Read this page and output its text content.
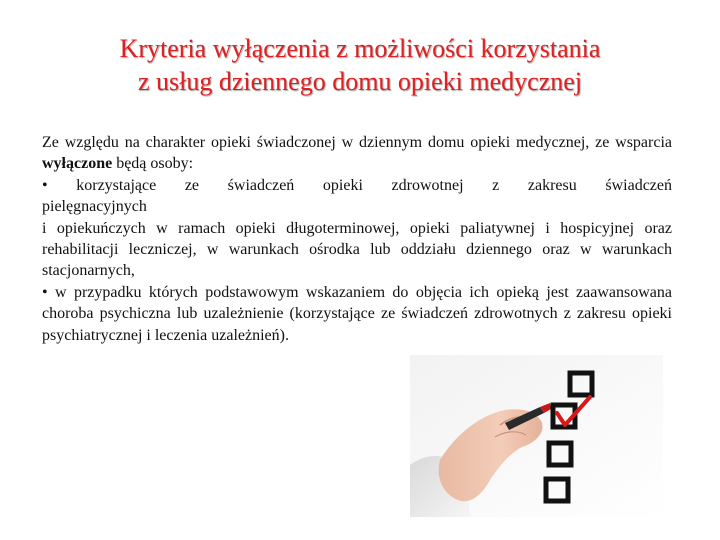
Kryteria wyłączenia z możliwości korzystania
z usług dziennego domu opieki medycznej

Ze względu na charakter opieki świadczonej w dziennym domu opieki medycznej, ze wsparcia wyłączone będą osoby:

• korzystające ze świadczeń opieki zdrowotnej z zakresu świadczeń

pielęgnacyjnych

i opiekuńczych w ramach opieki długoterminowej, opieki paliatywnej i hospicyjnej oraz rehabilitacji leczniczej, w warunkach ośrodka lub oddziału dziennego oraz w warunkach stacjonarnych,

• w przypadku których podstawowym wskazaniem do objęcia ich opieką jest zaawansowana choroba psychiczna lub uzależnienie (korzystające ze świadczeń zdrowotnych z zakresu opieki psychiatrycznej i leczenia uzależnień).
